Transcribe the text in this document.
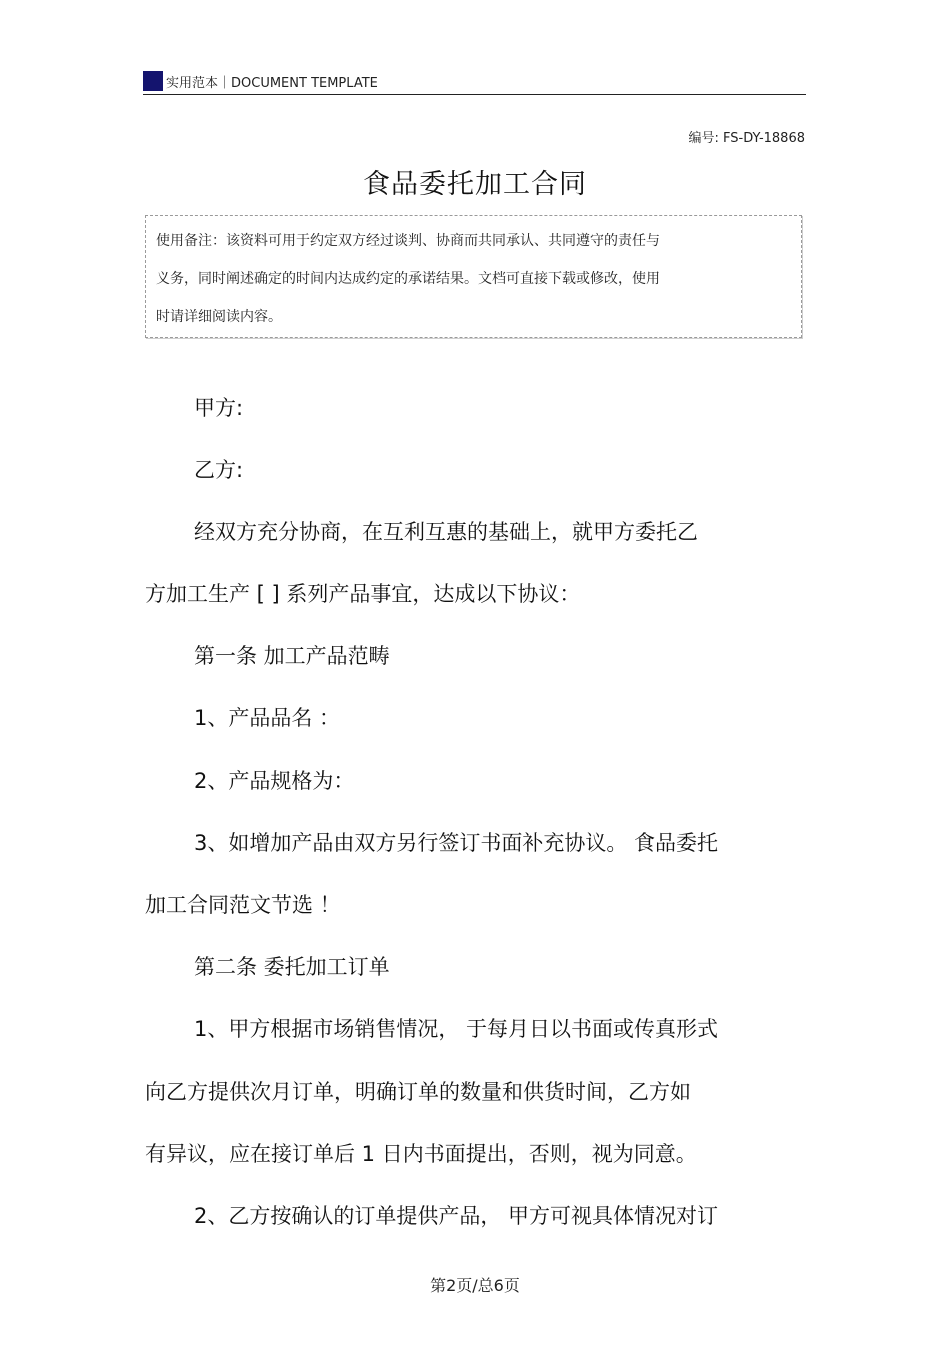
实用范本｜DOCUMENT TEMPLATE
编号: FS-DY-18868
食品委托加工合同
使用备注：该资料可用于约定双方经过谈判、协商而共同承认、共同遵守的责任与
义务，同时阐述确定的时间内达成约定的承诺结果。文档可直接下载或修改，使用
时请详细阅读内容。
甲方:
乙方:
经双方充分协商，在互利互惠的基础上，就甲方委托乙
方加工生产 [ ] 系列产品事宜，达成以下协议：
第一条 加工产品范畴
1、产品品名 ：
2、产品规格为：
3、如增加产品由双方另行签订书面补充协议。 食品委托
加工合同范文节选 ！
第二条 委托加工订单
1、甲方根据市场销售情况， 于每月日以书面或传真形式
向乙方提供次月订单，明确订单的数量和供货时间，乙方如
有异议，应在接订单后 1 日内书面提出，否则，视为同意。
2、乙方按确认的订单提供产品， 甲方可视具体情况对订
第2页/总6页
